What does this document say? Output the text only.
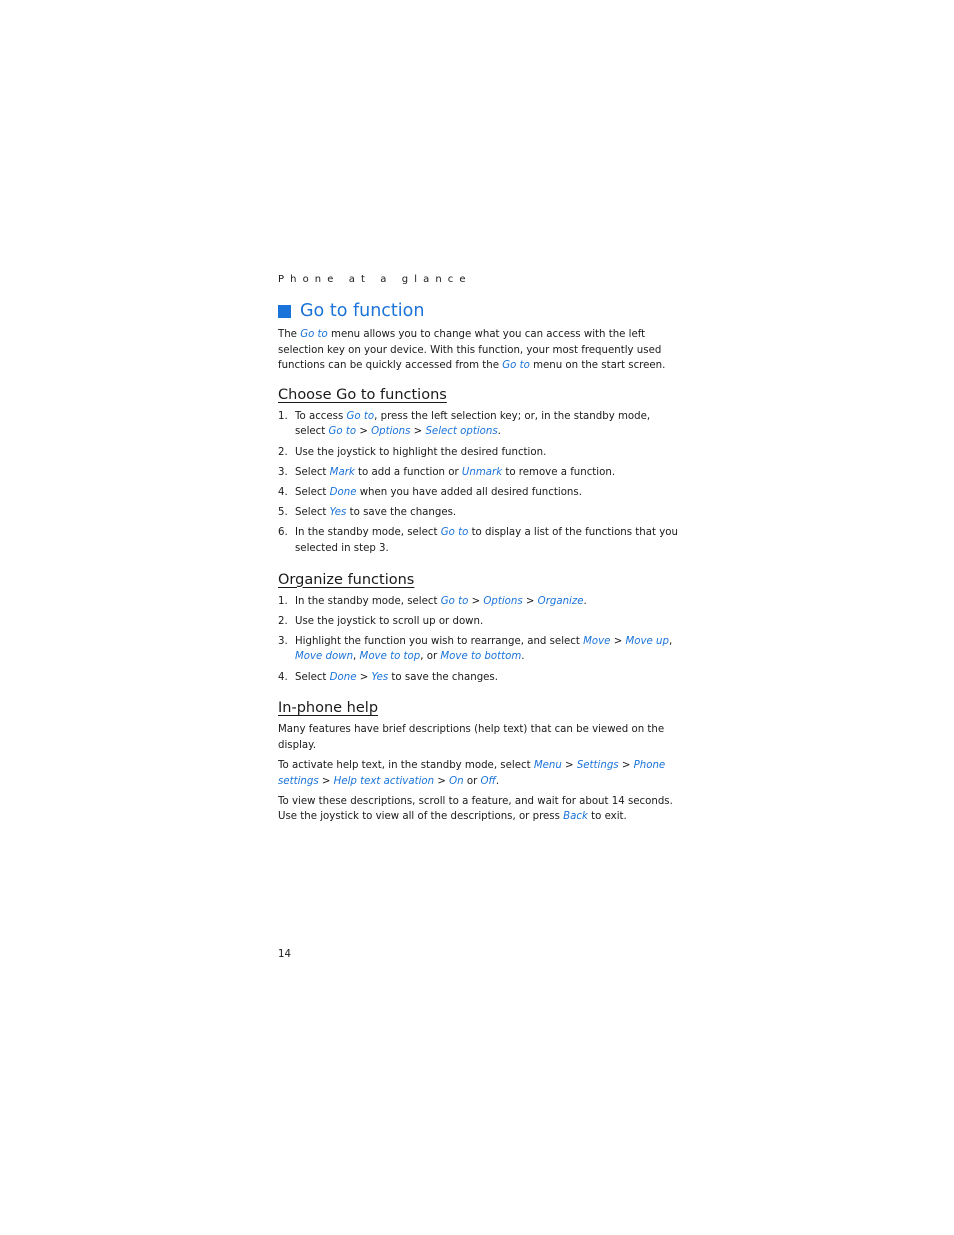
Phone at a glance

Go to function

The Go to menu allows you to change what you can access with the left selection key on your device. With this function, your most frequently used functions can be quickly accessed from the Go to menu on the start screen.

Choose Go to functions
1. To access Go to, press the left selection key; or, in the standby mode, select Go to > Options > Select options.
2. Use the joystick to highlight the desired function.
3. Select Mark to add a function or Unmark to remove a function.
4. Select Done when you have added all desired functions.
5. Select Yes to save the changes.
6. In the standby mode, select Go to to display a list of the functions that you selected in step 3.
Organize functions
1. In the standby mode, select Go to > Options > Organize.
2. Use the joystick to scroll up or down.
3. Highlight the function you wish to rearrange, and select Move > Move up, Move down, Move to top, or Move to bottom.
4. Select Done > Yes to save the changes.
In-phone help

Many features have brief descriptions (help text) that can be viewed on the display.

To activate help text, in the standby mode, select Menu > Settings > Phone settings > Help text activation > On or Off.

To view these descriptions, scroll to a feature, and wait for about 14 seconds. Use the joystick to view all of the descriptions, or press Back to exit.

14
